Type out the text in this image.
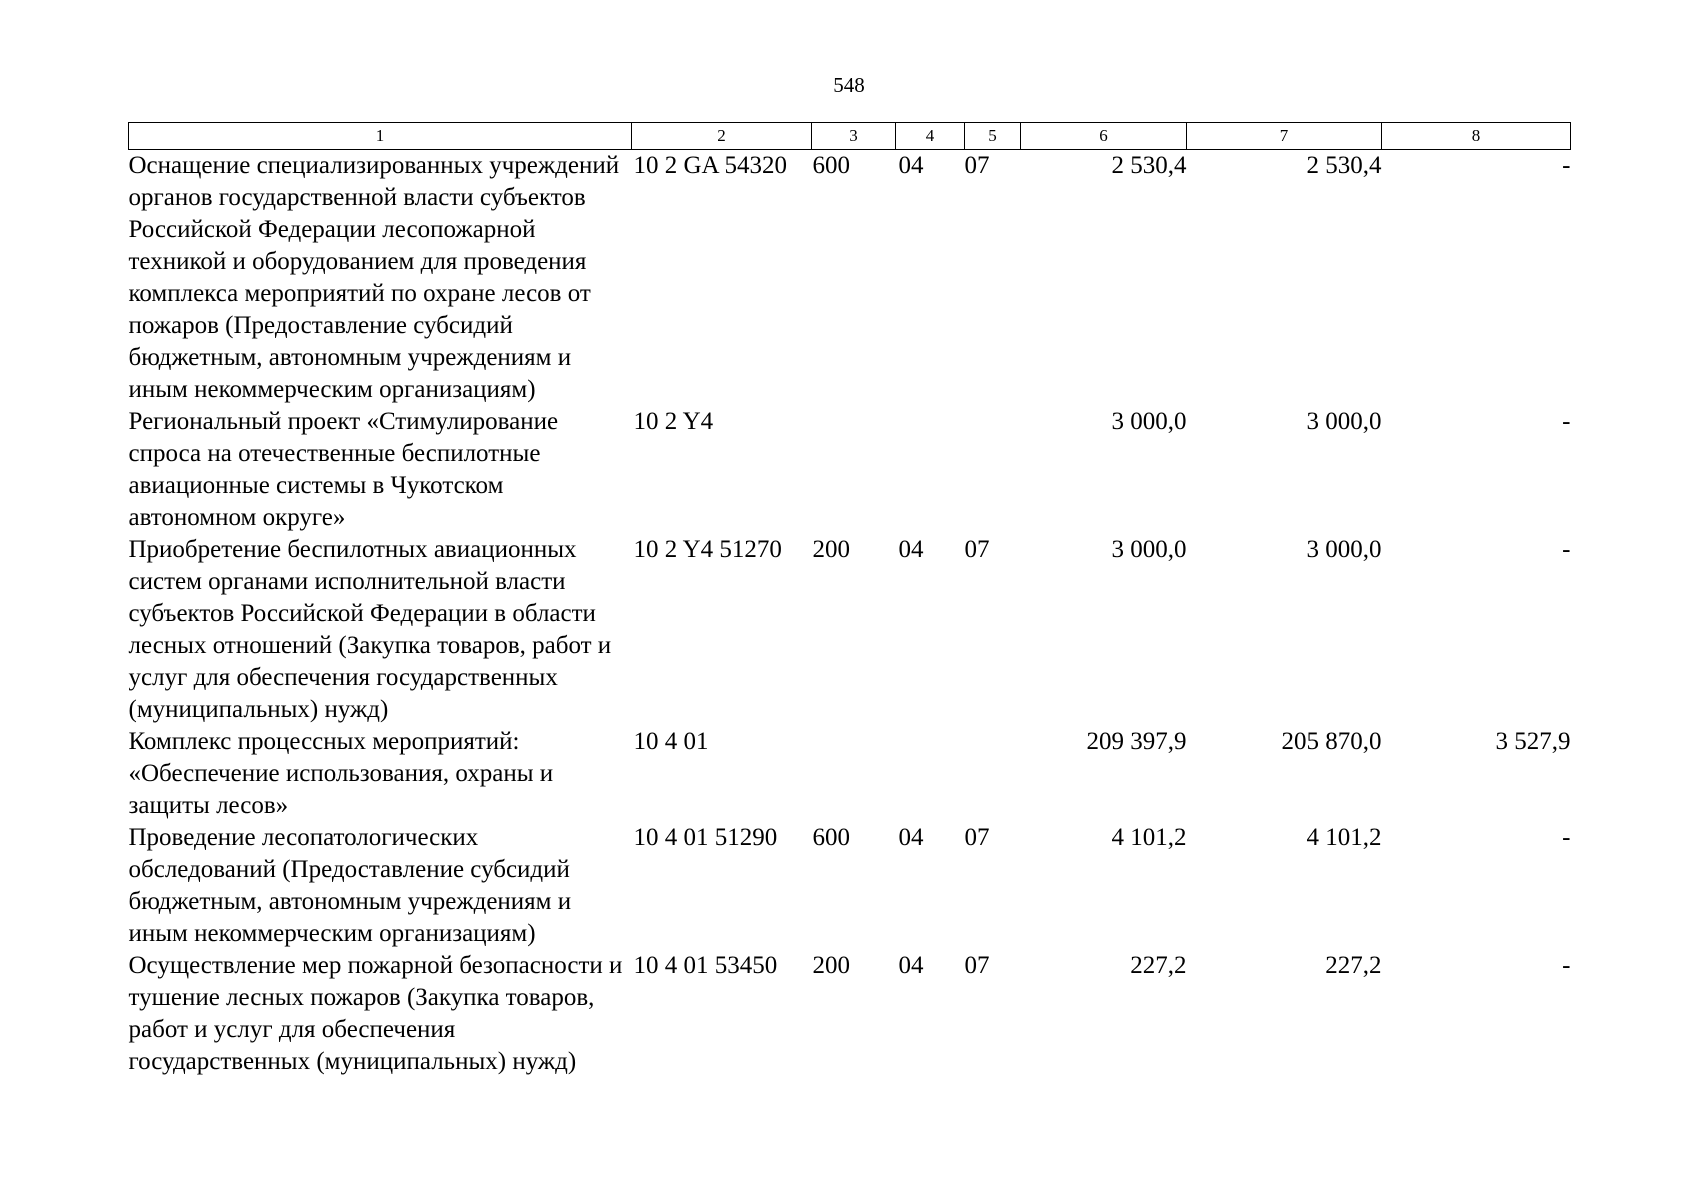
548
1	2	3	4	5	6	7	8
Оснащение специализированных учреждений органов государственной власти субъектов Российской Федерации лесопожарной техникой и оборудованием для проведения комплекса мероприятий по охране лесов от пожаров (Предоставление субсидий бюджетным, автономным учреждениям и иным некоммерческим организациям)	10 2 GA 54320	600	04	07	2 530,4	2 530,4	-
Региональный проект «Стимулирование спроса на отечественные беспилотные авиационные системы в Чукотском автономном округе»	10 2 Y4				3 000,0	3 000,0	-
Приобретение беспилотных авиационных систем органами исполнительной власти субъектов Российской Федерации в области лесных отношений (Закупка товаров, работ и услуг для обеспечения государственных (муниципальных) нужд)	10 2 Y4 51270	200	04	07	3 000,0	3 000,0	-
Комплекс процессных мероприятий: «Обеспечение использования, охраны и защиты лесов»	10 4 01				209 397,9	205 870,0	3 527,9
Проведение лесопатологических обследований (Предоставление субсидий бюджетным, автономным учреждениям и иным некоммерческим организациям)	10 4 01 51290	600	04	07	4 101,2	4 101,2	-
Осуществление мер пожарной безопасности и тушение лесных пожаров (Закупка товаров, работ и услуг для обеспечения государственных (муниципальных) нужд)	10 4 01 53450	200	04	07	227,2	227,2	-
